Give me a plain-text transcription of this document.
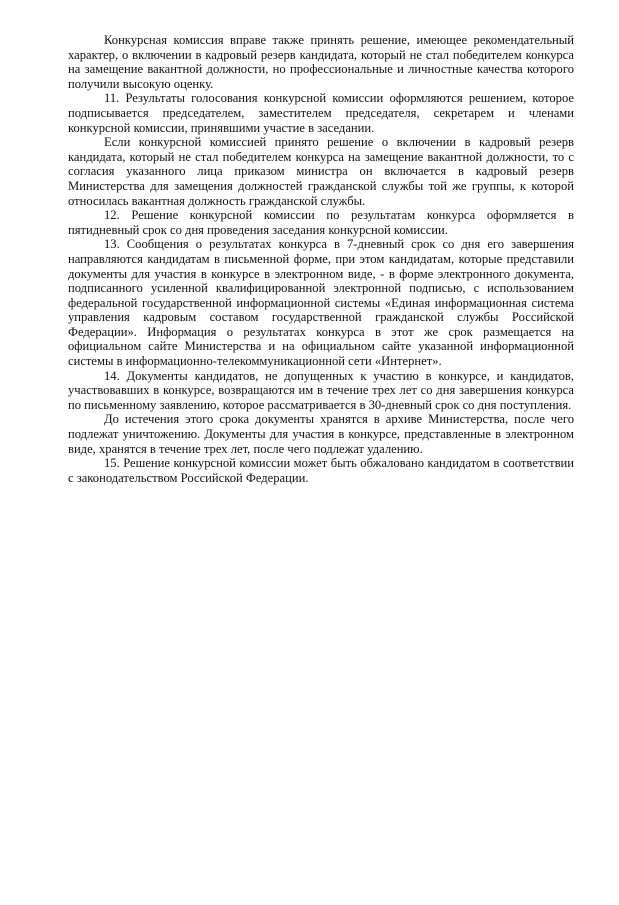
Конкурсная комиссия вправе также принять решение, имеющее рекомендательный характер, о включении в кадровый резерв кандидата, который не стал победителем конкурса на замещение вакантной должности, но профессиональные и личностные качества которого получили высокую оценку.

11. Результаты голосования конкурсной комиссии оформляются решением, которое подписывается председателем, заместителем председателя, секретарем и членами конкурсной комиссии, принявшими участие в заседании.

Если конкурсной комиссией принято решение о включении в кадровый резерв кандидата, который не стал победителем конкурса на замещение вакантной должности, то с согласия указанного лица приказом министра он включается в кадровый резерв Министерства для замещения должностей гражданской службы той же группы, к которой относилась вакантная должность гражданской службы.

12. Решение конкурсной комиссии по результатам конкурса оформляется в пятидневный срок со дня проведения заседания конкурсной комиссии.

13. Сообщения о результатах конкурса в 7-дневный срок со дня его завершения направляются кандидатам в письменной форме, при этом кандидатам, которые представили документы для участия в конкурсе в электронном виде, - в форме электронного документа, подписанного усиленной квалифицированной электронной подписью, с использованием федеральной государственной информационной системы «Единая информационная система управления кадровым составом государственной гражданской службы Российской Федерации». Информация о результатах конкурса в этот же срок размещается на официальном сайте Министерства и на официальном сайте указанной информационной системы в информационно-телекоммуникационной сети «Интернет».

14. Документы кандидатов, не допущенных к участию в конкурсе, и кандидатов, участвовавших в конкурсе, возвращаются им в течение трех лет со дня завершения конкурса по письменному заявлению, которое рассматривается в 30-дневный срок со дня поступления.

До истечения этого срока документы хранятся в архиве Министерства, после чего подлежат уничтожению. Документы для участия в конкурсе, представленные в электронном виде, хранятся в течение трех лет, после чего подлежат удалению.

15. Решение конкурсной комиссии может быть обжаловано кандидатом в соответствии с законодательством Российской Федерации.
